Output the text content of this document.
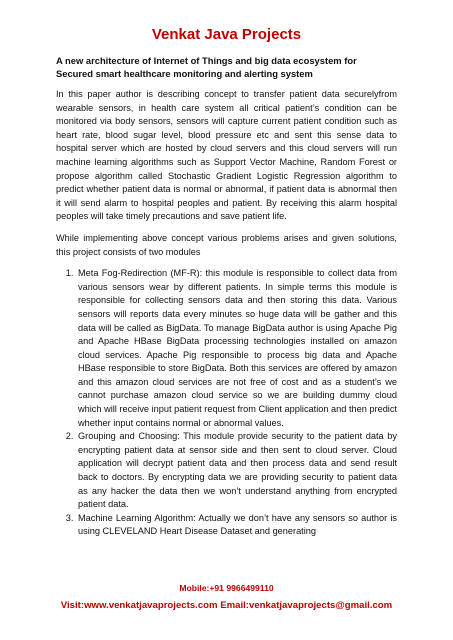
Venkat Java Projects
A new architecture of Internet of Things and big data ecosystem for
Secured smart healthcare monitoring and alerting system

In this paper author is describing concept to transfer patient data securelyfrom wearable sensors, in health care system all critical patient’s condition can be monitored via body sensors, sensors will capture current patient condition such as heart rate, blood sugar level, blood pressure etc and sent this sense data to hospital server which are hosted by cloud servers and this cloud servers will run machine learning algorithms such as Support Vector Machine, Random Forest or propose algorithm called Stochastic Gradient Logistic Regression algorithm to predict whether patient data is normal or abnormal, if patient data is abnormal then it will send alarm to hospital peoples and patient. By receiving this alarm hospital peoples will take timely precautions and save patient life.

While implementing above concept various problems arises and given solutions, this project consists of two modules

1. Meta Fog-Redirection (MF-R): this module is responsible to collect data from various sensors wear by different patients. In simple terms this module is responsible for collecting sensors data and then storing this data. Various sensors will reports data every minutes so huge data will be gather and this data will be called as BigData. To manage BigData author is using Apache Pig and Apache HBase BigData processing technologies installed on amazon cloud services. Apache Pig responsible to process big data and Apache HBase responsible to store BigData. Both this services are offered by amazon and this amazon cloud services are not free of cost and as a student’s we cannot purchase amazon cloud service so we are building dummy cloud which will receive input patient request from Client application and then predict whether input contains normal or abnormal values.
2. Grouping and Choosing: This module provide security to the patient data by encrypting patient data at sensor side and then sent to cloud server. Cloud application will decrypt patient data and then process data and send result back to doctors. By encrypting data we are providing security to patient data as any hacker the data then we won’t understand anything from encrypted patient data.
3. Machine Learning Algorithm: Actually we don’t have any sensors so author is using CLEVELAND Heart Disease Dataset and generating
Mobile:+91 9966499110
Visit:www.venkatjavaprojects.com Email:venkatjavaprojects@gmail.com
